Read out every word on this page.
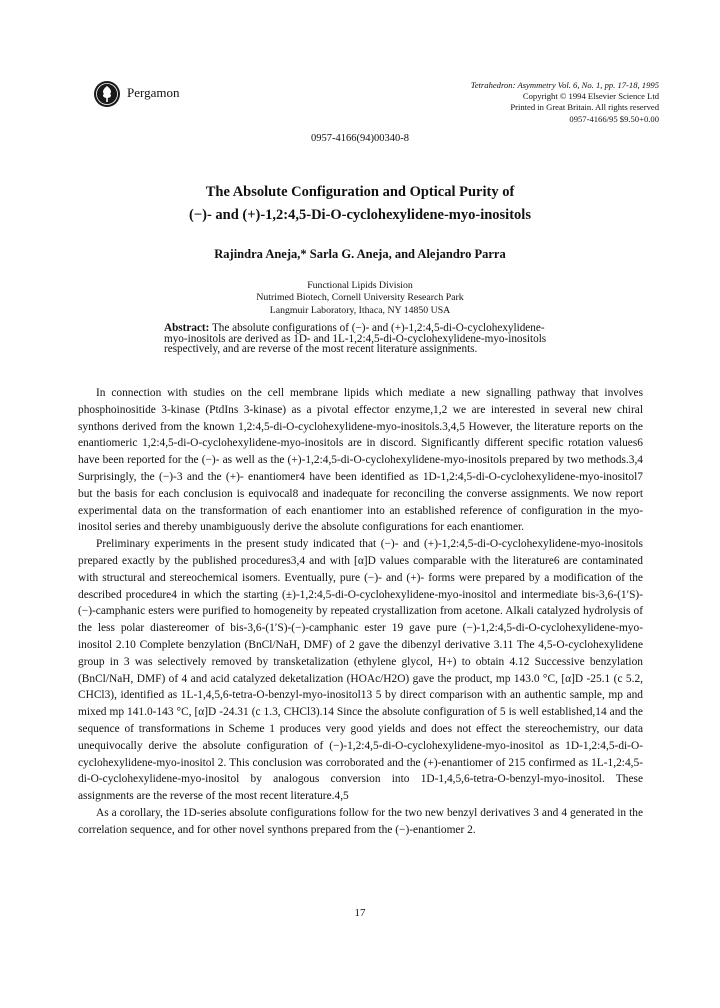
Pergamon	Tetrahedron: Asymmetry Vol. 6, No. 1, pp. 17-18, 1995
Copyright © 1994 Elsevier Science Ltd
Printed in Great Britain. All rights reserved
0957-4166/95 $9.50+0.00
0957-4166(94)00340-8
The Absolute Configuration and Optical Purity of
(−)- and (+)-1,2:4,5-Di-O-cyclohexylidene-myo-inositols
Rajindra Aneja,* Sarla G. Aneja, and Alejandro Parra
Functional Lipids Division
Nutrimed Biotech, Cornell University Research Park
Langmuir Laboratory, Ithaca, NY 14850 USA
Abstract: The absolute configurations of (−)- and (+)-1,2:4,5-di-O-cyclohexylidene-myo-inositols are derived as 1D- and 1L-1,2:4,5-di-O-cyclohexylidene-myo-inositols respectively, and are reverse of the most recent literature assignments.

In connection with studies on the cell membrane lipids which mediate a new signalling pathway that involves phosphoinositide 3-kinase (PtdIns 3-kinase) as a pivotal effector enzyme,1,2 we are interested in several new chiral synthons derived from the known 1,2:4,5-di-O-cyclohexylidene-myo-inositols.3,4,5 However, the literature reports on the enantiomeric 1,2:4,5-di-O-cyclohexylidene-myo-inositols are in discord. Significantly different specific rotation values6 have been reported for the (−)- as well as the (+)-1,2:4,5-di-O-cyclohexylidene-myo-inositols prepared by two methods.3,4 Surprisingly, the (−)-3 and the (+)- enantiomer4 have been identified as 1D-1,2:4,5-di-O-cyclohexylidene-myo-inositol7 but the basis for each conclusion is equivocal8 and inadequate for reconciling the converse assignments. We now report experimental data on the transformation of each enantiomer into an established reference of configuration in the myo-inositol series and thereby unambiguously derive the absolute configurations for each enantiomer.

Preliminary experiments in the present study indicated that (−)- and (+)-1,2:4,5-di-O-cyclohexylidene-myo-inositols prepared exactly by the published procedures3,4 and with [α]D values comparable with the literature6 are contaminated with structural and stereochemical isomers. Eventually, pure (−)- and (+)- forms were prepared by a modification of the described procedure4 in which the starting (±)-1,2:4,5-di-O-cyclohexylidene-myo-inositol and intermediate bis-3,6-(1′S)-(−)-camphanic esters were purified to homogeneity by repeated crystallization from acetone. Alkali catalyzed hydrolysis of the less polar diastereomer of bis-3,6-(1′S)-(−)-camphanic ester 19 gave pure (−)-1,2:4,5-di-O-cyclohexylidene-myo-inositol 2.10 Complete benzylation (BnCl/NaH, DMF) of 2 gave the dibenzyl derivative 3.11 The 4,5-O-cyclohexylidene group in 3 was selectively removed by transketalization (ethylene glycol, H+) to obtain 4.12 Successive benzylation (BnCl/NaH, DMF) of 4 and acid catalyzed deketalization (HOAc/H2O) gave the product, mp 143.0 °C, [α]D -25.1 (c 5.2, CHCl3), identified as 1L-1,4,5,6-tetra-O-benzyl-myo-inositol13 5 by direct comparison with an authentic sample, mp and mixed mp 141.0-143 °C, [α]D -24.31 (c 1.3, CHCl3).14 Since the absolute configuration of 5 is well established,14 and the sequence of transformations in Scheme 1 produces very good yields and does not effect the stereochemistry, our data unequivocally derive the absolute configuration of (−)-1,2:4,5-di-O-cyclohexylidene-myo-inositol as 1D-1,2:4,5-di-O-cyclohexylidene-myo-inositol 2. This conclusion was corroborated and the (+)-enantiomer of 215 confirmed as 1L-1,2:4,5-di-O-cyclohexylidene-myo-inositol by analogous conversion into 1D-1,4,5,6-tetra-O-benzyl-myo-inositol. These assignments are the reverse of the most recent literature.4,5

As a corollary, the 1D-series absolute configurations follow for the two new benzyl derivatives 3 and 4 generated in the correlation sequence, and for other novel synthons prepared from the (−)-enantiomer 2.

17
